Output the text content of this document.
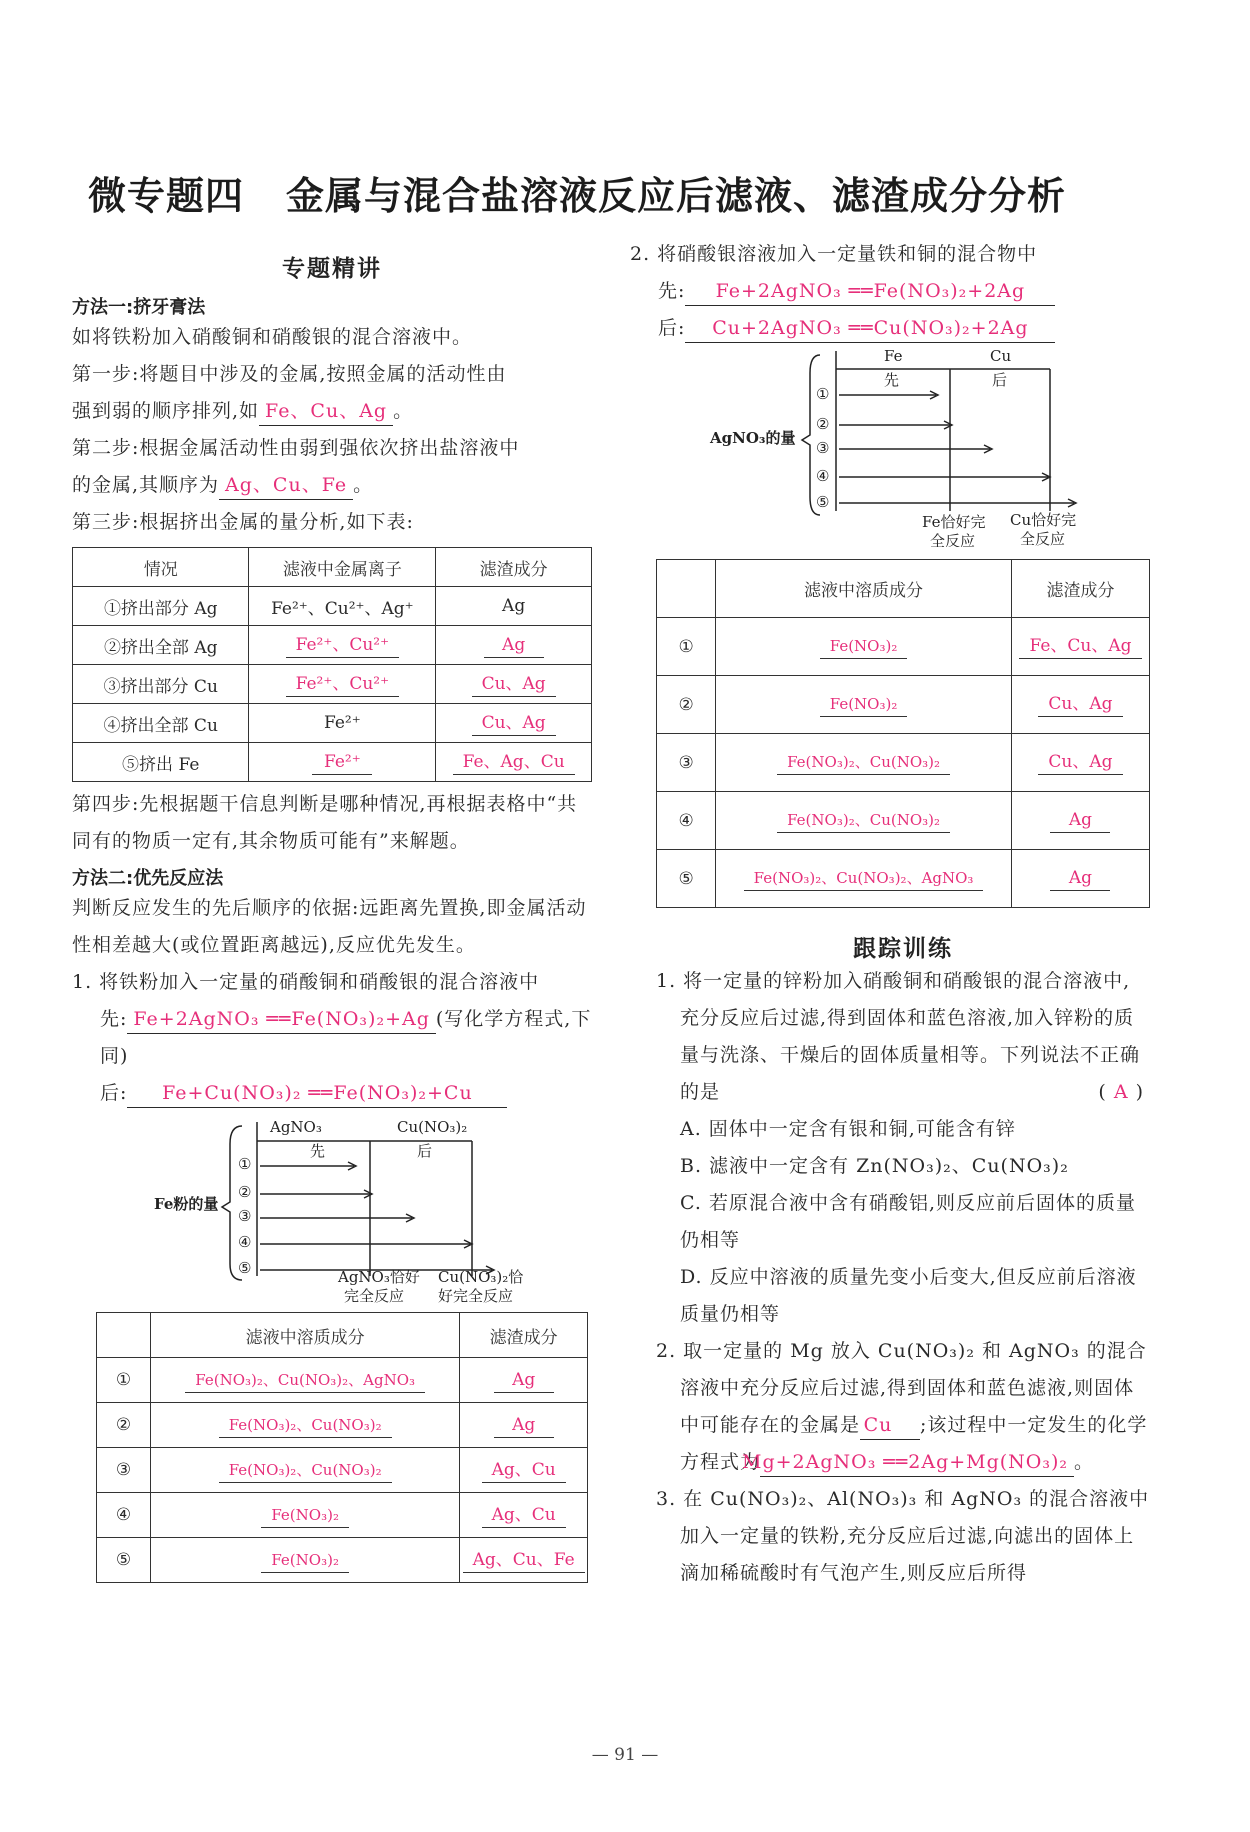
微专题四 金属与混合盐溶液反应后滤液、滤渣成分分析
专题精讲
方法一:挤牙膏法

如将铁粉加入硝酸铜和硝酸银的混合溶液中。

第一步:将题目中涉及的金属,按照金属的活动性由
强到弱的顺序排列,如 Fe、Cu、Ag 。

第二步:根据金属活动性由弱到强依次挤出盐溶液中
的金属,其顺序为 Ag、Cu、Fe 。

第三步:根据挤出金属的量分析,如下表:

情况	滤液中金属离子	滤渣成分
①挤出部分 Ag	Fe²⁺、Cu²⁺、Ag⁺	Ag
②挤出全部 Ag	Fe²⁺、Cu²⁺	Ag
③挤出部分 Cu	Fe²⁺、Cu²⁺	Cu、Ag
④挤出全部 Cu	Fe²⁺	Cu、Ag
⑤挤出 Fe	Fe²⁺	Fe、Ag、Cu

第四步:先根据题干信息判断是哪种情况,再根据表格中“共同有的物质一定有,其余物质可能有”来解题。

方法二:优先反应法

判断反应发生的先后顺序的依据:远距离先置换,即金属活动性相差越大(或位置距离越远),反应优先发生。

1. 将铁粉加入一定量的硝酸铜和硝酸银的混合溶液中

先: Fe+2AgNO₃ ══Fe(NO₃)₂+Ag (写化学方程式,下同)

后: Fe+Cu(NO₃)₂ ══Fe(NO₃)₂+Cu

AgNO₃	Cu(NO₃)₂
先	后
Fe粉的量
①
②
③
④
⑤	AgNO₃恰好
完全反应
Cu(NO₃)₂恰
好完全反应
	滤液中溶质成分	滤渣成分
①	Fe(NO₃)₂、Cu(NO₃)₂、AgNO₃	Ag
②	Fe(NO₃)₂、Cu(NO₃)₂	Ag
③	Fe(NO₃)₂、Cu(NO₃)₂	Ag、Cu
④	Fe(NO₃)₂	Ag、Cu
⑤	Fe(NO₃)₂	Ag、Cu、Fe

2. 将硝酸银溶液加入一定量铁和铜的混合物中

先: Fe+2AgNO₃ ══Fe(NO₃)₂+2Ag

后: Cu+2AgNO₃ ══Cu(NO₃)₂+2Ag

Fe	Cu
先	后
AgNO₃的量
①
②
③
④
⑤
Fe恰好完
全反应
Cu恰好完
全反应
	滤液中溶质成分	滤渣成分
①	Fe(NO₃)₂	Fe、Cu、Ag
②	Fe(NO₃)₂	Cu、Ag
③	Fe(NO₃)₂、Cu(NO₃)₂	Cu、Ag
④	Fe(NO₃)₂、Cu(NO₃)₂	Ag
⑤	Fe(NO₃)₂、Cu(NO₃)₂、AgNO₃	Ag
跟踪训练

1. 将一定量的锌粉加入硝酸铜和硝酸银的混合溶液中,充分反应后过滤,得到固体和蓝色溶液,加入锌粉的质量与洗涤、干燥后的固体质量相等。下列说法不正确的是	( A )

A. 固体中一定含有银和铜,可能含有锌

B. 滤液中一定含有 Zn(NO₃)₂、Cu(NO₃)₂

C. 若原混合液中含有硝酸铝,则反应前后固体的质量仍相等

D. 反应中溶液的质量先变小后变大,但反应前后溶液质量仍相等

2. 取一定量的 Mg 放入 Cu(NO₃)₂ 和 AgNO₃ 的混合溶液中充分反应后过滤,得到固体和蓝色滤液,则固体中可能存在的金属是 Cu ;该过程中一定发生的化学方程式为Mg+2AgNO₃ ══2Ag+Mg(NO₃)₂ 。

3. 在 Cu(NO₃)₂、Al(NO₃)₃ 和 AgNO₃ 的混合溶液中加入一定量的铁粉,充分反应后过滤,向滤出的固体上滴加稀硫酸时有气泡产生,则反应后所得

— 91 —
